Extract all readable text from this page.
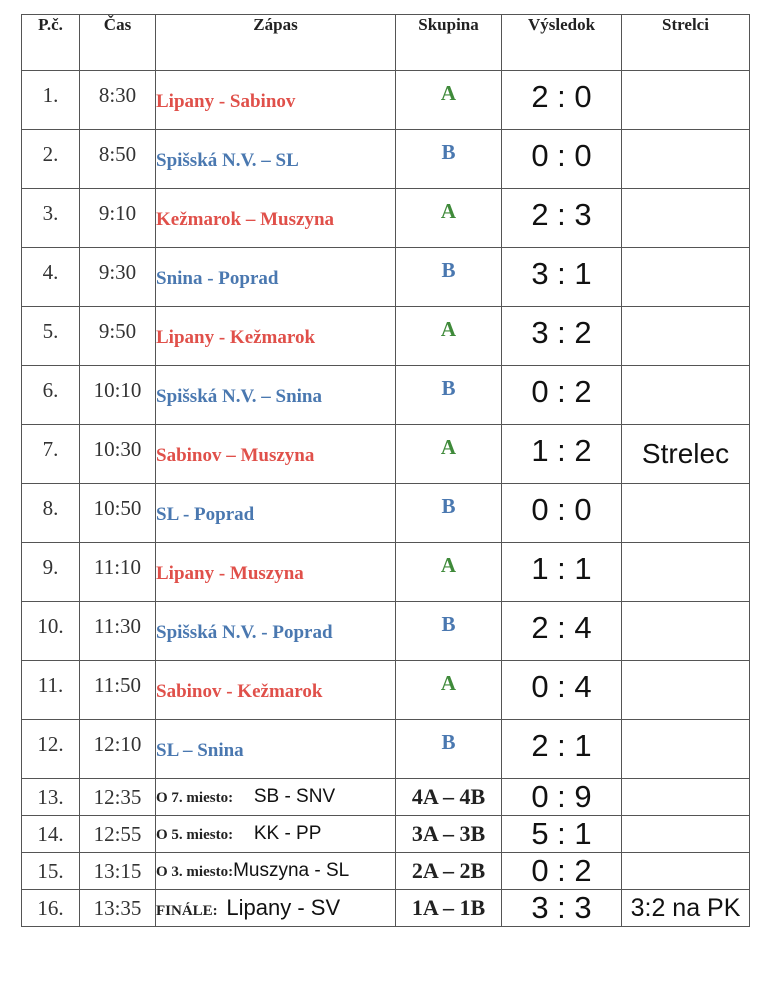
P.č.	Čas	Zápas	Skupina	Výsledok	Strelci
1.	8:30	Lipany - Sabinov	A	2 : 0	
2.	8:50	Spišská N.V. – SL	B	0 : 0	
3.	9:10	Kežmarok – Muszyna	A	2 : 3	
4.	9:30	Snina - Poprad	B	3 : 1	
5.	9:50	Lipany - Kežmarok	A	3 : 2	
6.	10:10	Spišská N.V. – Snina	B	0 : 2	
7.	10:30	Sabinov – Muszyna	A	1 : 2	Strelec
8.	10:50	SL - Poprad	B	0 : 0	
9.	11:10	Lipany - Muszyna	A	1 : 1	
10.	11:30	Spišská N.V. - Poprad	B	2 : 4	
11.	11:50	Sabinov - Kežmarok	A	0 : 4	
12.	12:10	SL – Snina	B	2 : 1	
13.	12:35	O 7. miesto: SB - SNV	4A – 4B	0 : 9	
14.	12:55	O 5. miesto: KK - PP	3A – 3B	5 : 1	
15.	13:15	O 3. miesto:Muszyna - SL	2A – 2B	0 : 2	
16.	13:35	FINÁLE: Lipany - SV	1A – 1B	3 : 3	3:2 na PK
